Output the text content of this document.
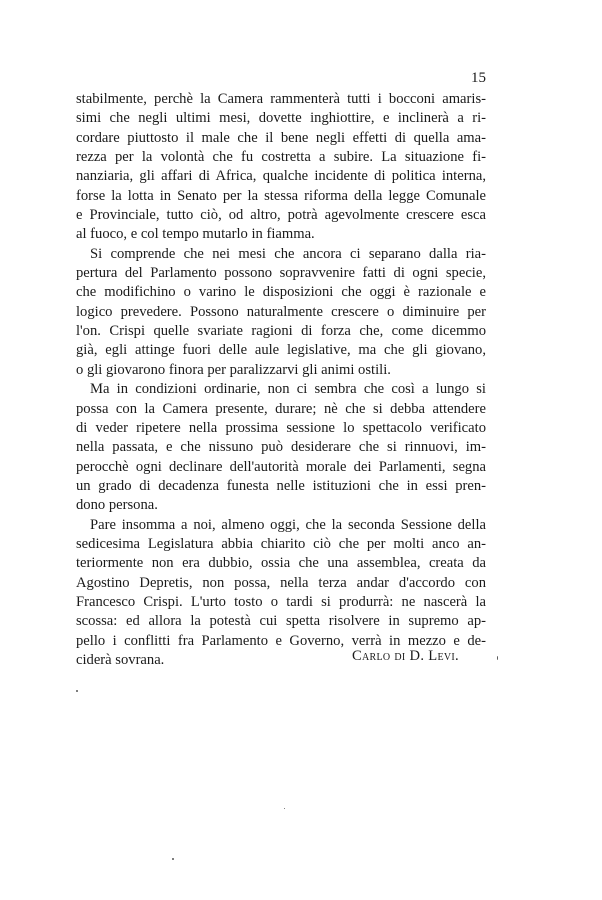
15
stabilmente, perchè la Camera rammenterà tutti i bocconi amaris-
simi che negli ultimi mesi, dovette inghiottire, e inclinerà a ri-
cordare piuttosto il male che il bene negli effetti di quella ama-
rezza per la volontà che fu costretta a subire. La situazione fi-
nanziaria, gli affari di Africa, qualche incidente di politica interna,
forse la lotta in Senato per la stessa riforma della legge Comunale
e Provinciale, tutto ciò, od altro, potrà agevolmente crescere esca
al fuoco, e col tempo mutarlo in fiamma.
Si comprende che nei mesi che ancora ci separano dalla ria-
pertura del Parlamento possono sopravvenire fatti di ogni specie,
che modifichino o varino le disposizioni che oggi è razionale e
logico prevedere. Possono naturalmente crescere o diminuire per
l'on. Crispi quelle svariate ragioni di forza che, come dicemmo
già, egli attinge fuori delle aule legislative, ma che gli giovano,
o gli giovarono finora per paralizzarvi gli animi ostili.
Ma in condizioni ordinarie, non ci sembra che così a lungo si
possa con la Camera presente, durare; nè che si debba attendere
di veder ripetere nella prossima sessione lo spettacolo verificato
nella passata, e che nissuno può desiderare che si rinnuovi, im-
perocchè ogni declinare dell'autorità morale dei Parlamenti, segna
un grado di decadenza funesta nelle istituzioni che in essi pren-
dono persona.
Pare insomma a noi, almeno oggi, che la seconda Sessione della
sedicesima Legislatura abbia chiarito ciò che per molti anco an-
teriormente non era dubbio, ossia che una assemblea, creata da
Agostino Depretis, non possa, nella terza andar d'accordo con
Francesco Crispi. L'urto tosto o tardi si produrrà: ne nascerà la
scossa: ed allora la potestà cui spetta risolvere in supremo ap-
pello i conflitti fra Parlamento e Governo, verrà in mezzo e de-
ciderà sovrana.	Carlo di D. Levi.
